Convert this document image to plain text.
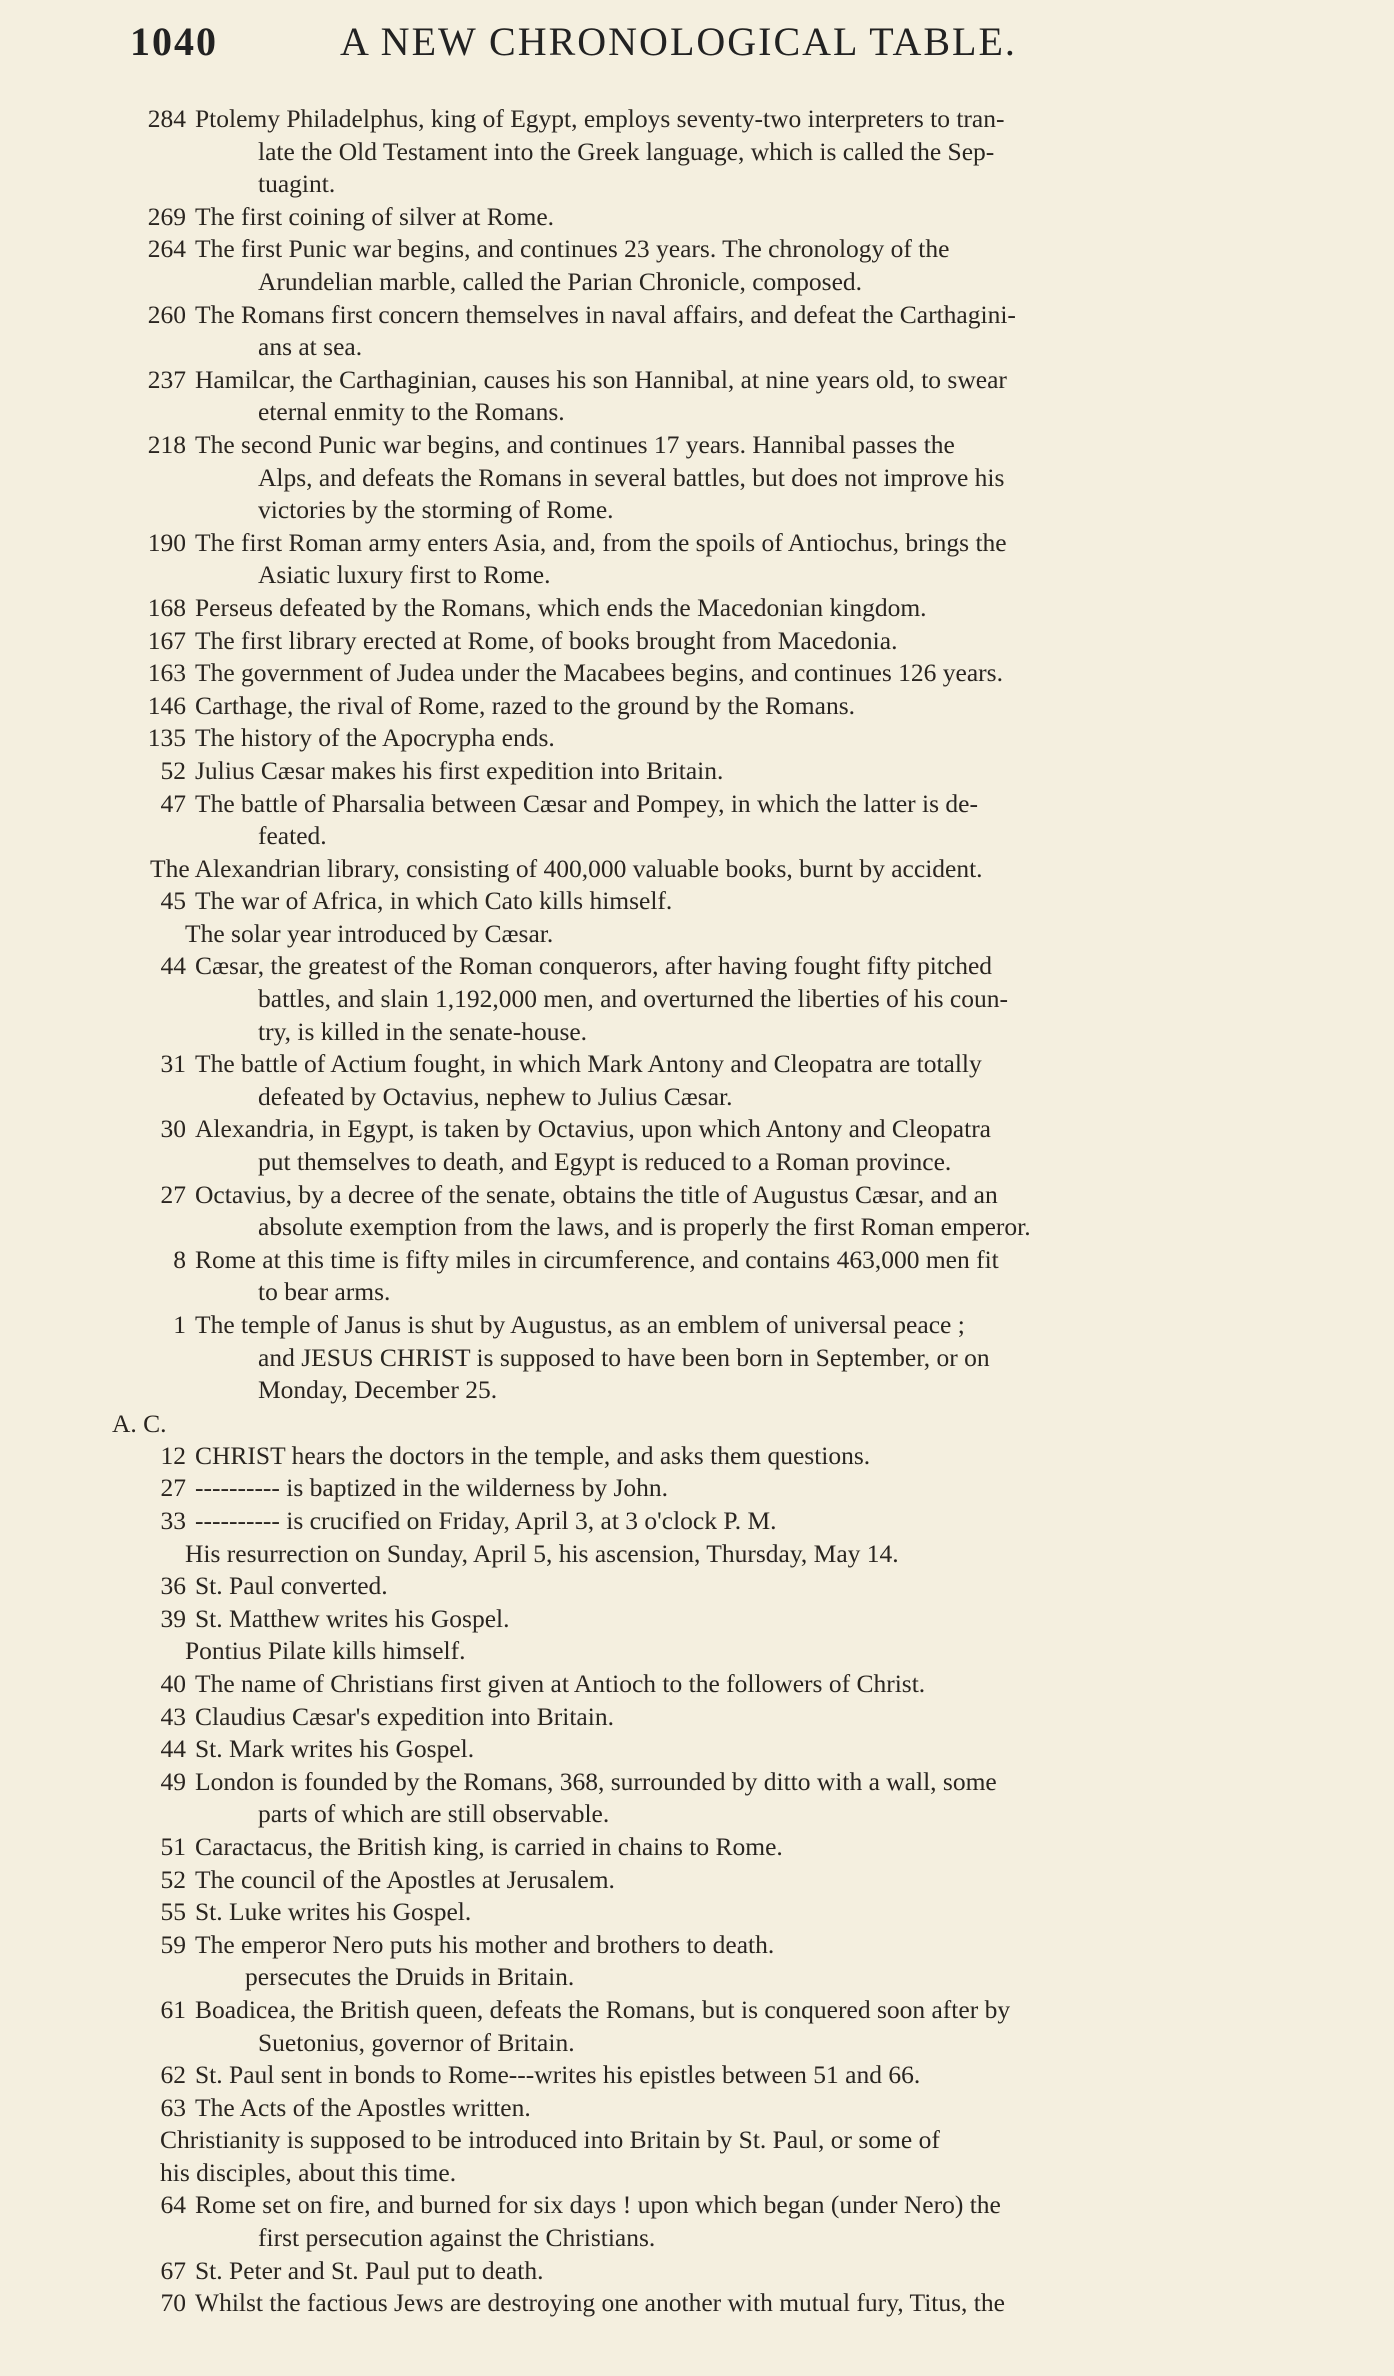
1040	A NEW CHRONOLOGICAL TABLE.
284 Ptolemy Philadelphus, king of Egypt, employs seventy-two interpreters to tran-
late the Old Testament into the Greek language, which is called the Sep-
tuagint.
269 The first coining of silver at Rome.
264 The first Punic war begins, and continues 23 years. The chronology of the
Arundelian marble, called the Parian Chronicle, composed.
260 The Romans first concern themselves in naval affairs, and defeat the Carthagini-
ans at sea.
237 Hamilcar, the Carthaginian, causes his son Hannibal, at nine years old, to swear
eternal enmity to the Romans.
218 The second Punic war begins, and continues 17 years. Hannibal passes the
Alps, and defeats the Romans in several battles, but does not improve his
victories by the storming of Rome.
190 The first Roman army enters Asia, and, from the spoils of Antiochus, brings the
Asiatic luxury first to Rome.
168 Perseus defeated by the Romans, which ends the Macedonian kingdom.
167 The first library erected at Rome, of books brought from Macedonia.
163 The government of Judea under the Macabees begins, and continues 126 years.
146 Carthage, the rival of Rome, razed to the ground by the Romans.
135 The history of the Apocrypha ends.
52 Julius Cæsar makes his first expedition into Britain.
47 The battle of Pharsalia between Cæsar and Pompey, in which the latter is de-
feated.
The Alexandrian library, consisting of 400,000 valuable books, burnt by accident.
45 The war of Africa, in which Cato kills himself.
The solar year introduced by Cæsar.
44 Cæsar, the greatest of the Roman conquerors, after having fought fifty pitched
battles, and slain 1,192,000 men, and overturned the liberties of his coun-
try, is killed in the senate-house.
31 The battle of Actium fought, in which Mark Antony and Cleopatra are totally
defeated by Octavius, nephew to Julius Cæsar.
30 Alexandria, in Egypt, is taken by Octavius, upon which Antony and Cleopatra
put themselves to death, and Egypt is reduced to a Roman province.
27 Octavius, by a decree of the senate, obtains the title of Augustus Cæsar, and an
absolute exemption from the laws, and is properly the first Roman emperor.
8 Rome at this time is fifty miles in circumference, and contains 463,000 men fit
to bear arms.
1 The temple of Janus is shut by Augustus, as an emblem of universal peace ;
and JESUS CHRIST is supposed to have been born in September, or on
Monday, December 25.
A. C.
12 CHRIST hears the doctors in the temple, and asks them questions.
27 ---------- is baptized in the wilderness by John.
33 ---------- is crucified on Friday, April 3, at 3 o'clock P. M.
His resurrection on Sunday, April 5, his ascension, Thursday, May 14.
36 St. Paul converted.
39 St. Matthew writes his Gospel.
Pontius Pilate kills himself.
40 The name of Christians first given at Antioch to the followers of Christ.
43 Claudius Cæsar's expedition into Britain.
44 St. Mark writes his Gospel.
49 London is founded by the Romans, 368, surrounded by ditto with a wall, some
parts of which are still observable.
51 Caractacus, the British king, is carried in chains to Rome.
52 The council of the Apostles at Jerusalem.
55 St. Luke writes his Gospel.
59 The emperor Nero puts his mother and brothers to death.
persecutes the Druids in Britain.
61 Boadicea, the British queen, defeats the Romans, but is conquered soon after by
Suetonius, governor of Britain.
62 St. Paul sent in bonds to Rome---writes his epistles between 51 and 66.
63 The Acts of the Apostles written.
Christianity is supposed to be introduced into Britain by St. Paul, or some of
his disciples, about this time.
64 Rome set on fire, and burned for six days ! upon which began (under Nero) the
first persecution against the Christians.
67 St. Peter and St. Paul put to death.
70 Whilst the factious Jews are destroying one another with mutual fury, Titus, the
